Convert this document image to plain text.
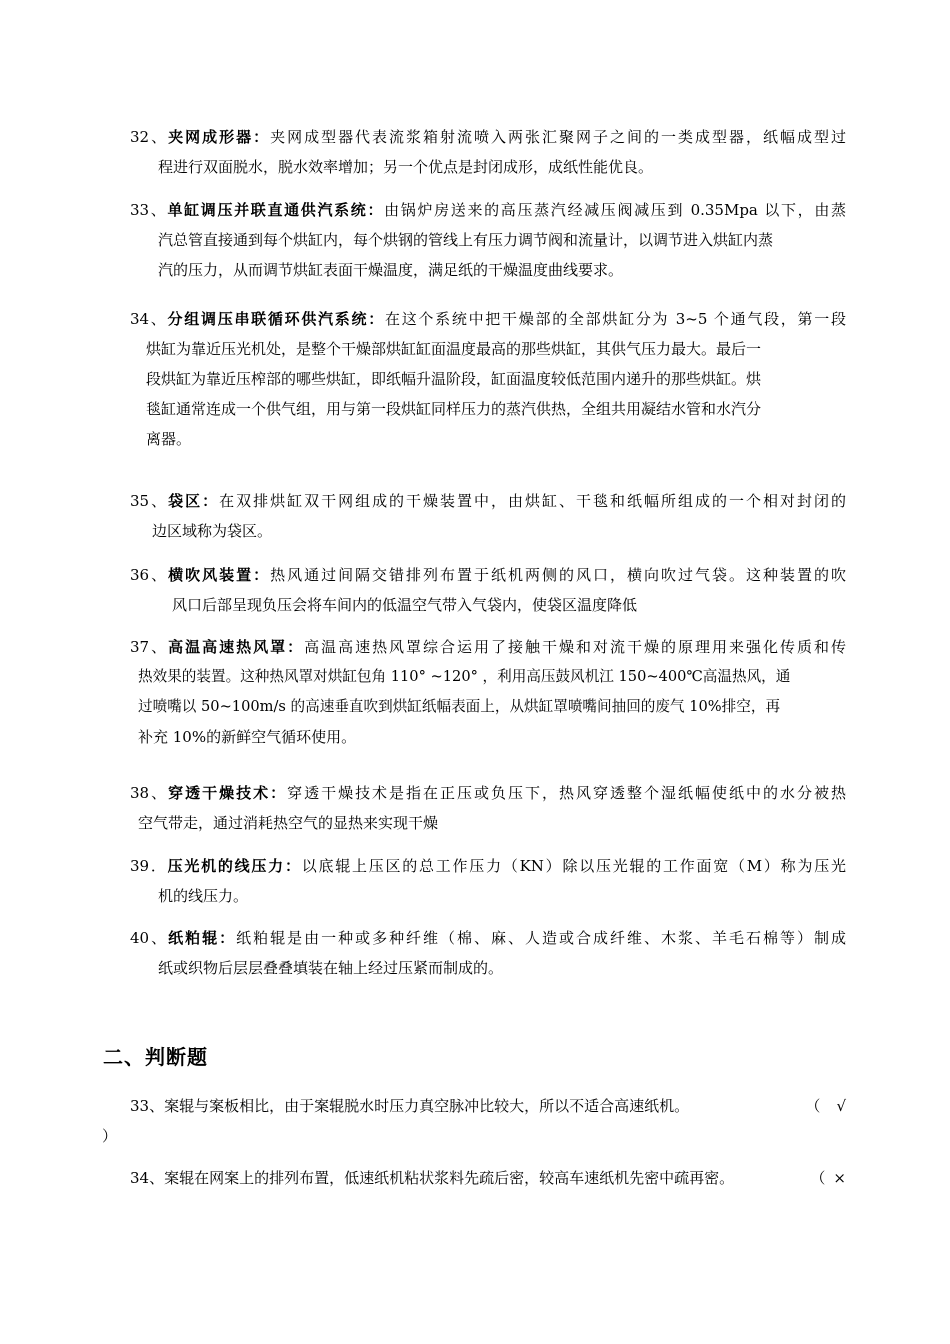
32、夹网成形器：夹网成型器代表流浆箱射流喷入两张汇聚网子之间的一类成型器，纸幅成型过
程进行双面脱水，脱水效率增加；另一个优点是封闭成形，成纸性能优良。
33、单缸调压并联直通供汽系统：由锅炉房送来的高压蒸汽经减压阀减压到 0.35Mpa 以下，由蒸
汽总管直接通到每个烘缸内，每个烘钢的管线上有压力调节阀和流量计，以调节进入烘缸内蒸
汽的压力，从而调节烘缸表面干燥温度，满足纸的干燥温度曲线要求。
34、分组调压串联循环供汽系统：在这个系统中把干燥部的全部烘缸分为 3~5 个通气段，第一段
烘缸为靠近压光机处，是整个干燥部烘缸缸面温度最高的那些烘缸，其供气压力最大。最后一
段烘缸为靠近压榨部的哪些烘缸，即纸幅升温阶段，缸面温度较低范围内递升的那些烘缸。烘
毯缸通常连成一个供气组，用与第一段烘缸同样压力的蒸汽供热，全组共用凝结水管和水汽分
离器。
35、袋区：在双排烘缸双干网组成的干燥装置中，由烘缸、干毯和纸幅所组成的一个相对封闭的
边区域称为袋区。
36、横吹风装置：热风通过间隔交错排列布置于纸机两侧的风口，横向吹过气袋。这种装置的吹
风口后部呈现负压会将车间内的低温空气带入气袋内，使袋区温度降低
37、高温高速热风罩：高温高速热风罩综合运用了接触干燥和对流干燥的原理用来强化传质和传
热效果的装置。这种热风罩对烘缸包角 110° ~120° ，利用高压鼓风机江 150~400℃高温热风，通
过喷嘴以 50~100m/s 的高速垂直吹到烘缸纸幅表面上，从烘缸罩喷嘴间抽回的废气 10%排空，再
补充 10%的新鲜空气循环使用。
38、穿透干燥技术：穿透干燥技术是指在正压或负压下，热风穿透整个湿纸幅使纸中的水分被热
空气带走，通过消耗热空气的显热来实现干燥
39．压光机的线压力：以底辊上压区的总工作压力（KN）除以压光辊的工作面宽（M）称为压光
机的线压力。
40、纸粕辊：纸粕辊是由一种或多种纤维（棉、麻、人造或合成纤维、木浆、羊毛石棉等）制成
纸或织物后层层叠叠填装在轴上经过压紧而制成的。
二、判断题
33、案辊与案板相比，由于案辊脱水时压力真空脉冲比较大，所以不适合高速纸机。	（ √
）
34、案辊在网案上的排列布置，低速纸机粘状浆料先疏后密，较高车速纸机先密中疏再密。	（ ×
